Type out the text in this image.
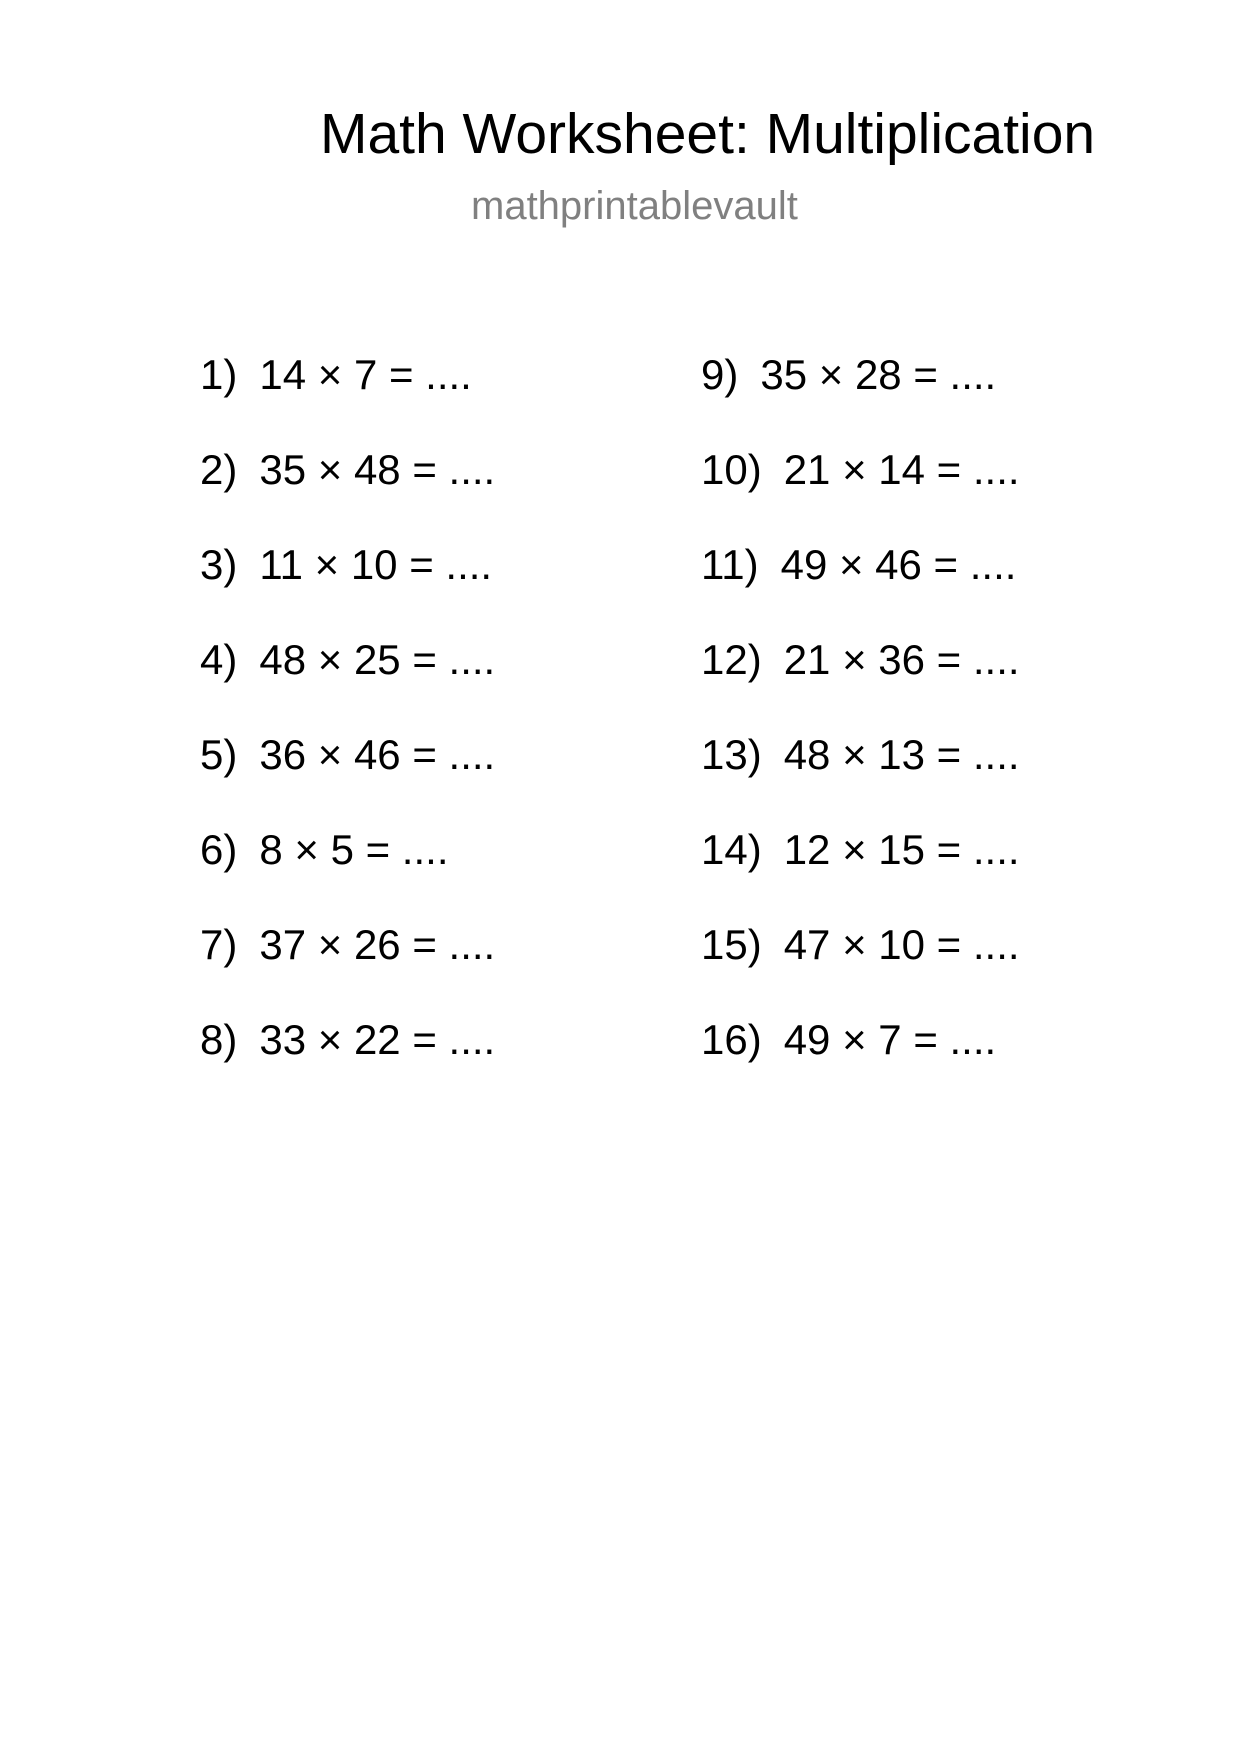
Math Worksheet: Multiplication
mathprintablevault
1) 14 × 7 = ....
2) 35 × 48 = ....
3) 11 × 10 = ....
4) 48 × 25 = ....
5) 36 × 46 = ....
6) 8 × 5 = ....
7) 37 × 26 = ....
8) 33 × 22 = ....
9) 35 × 28 = ....
10) 21 × 14 = ....
11) 49 × 46 = ....
12) 21 × 36 = ....
13) 48 × 13 = ....
14) 12 × 15 = ....
15) 47 × 10 = ....
16) 49 × 7 = ....
